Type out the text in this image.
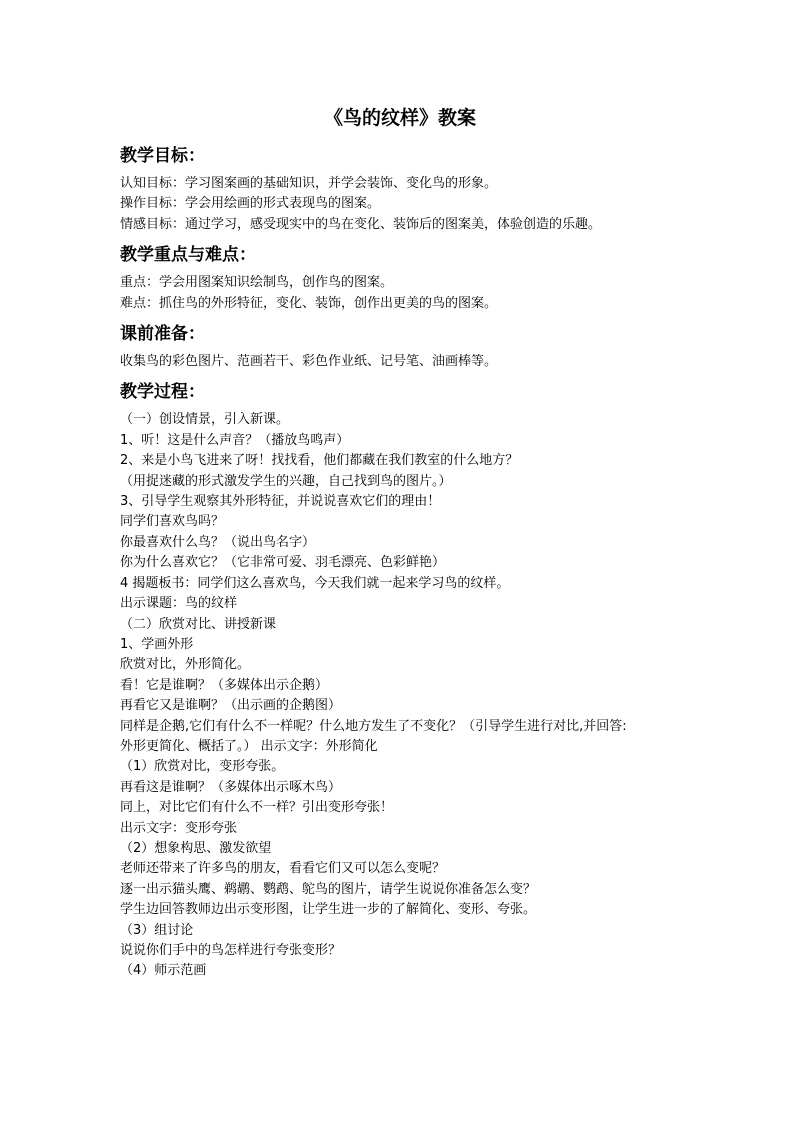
《鸟的纹样》教案
教学目标：
认知目标：学习图案画的基础知识，并学会装饰、变化鸟的形象。
操作目标：学会用绘画的形式表现鸟的图案。
情感目标：通过学习，感受现实中的鸟在变化、装饰后的图案美，体验创造的乐趣。
教学重点与难点：
重点：学会用图案知识绘制鸟，创作鸟的图案。
难点：抓住鸟的外形特征，变化、装饰，创作出更美的鸟的图案。
课前准备：
收集鸟的彩色图片、范画若干、彩色作业纸、记号笔、油画棒等。
教学过程：
（一）创设情景，引入新课。
1、听！这是什么声音？（播放鸟鸣声）
2、来是小鸟飞进来了呀！找找看，他们都藏在我们教室的什么地方？
（用捉迷藏的形式激发学生的兴趣，自己找到鸟的图片。）
3、引导学生观察其外形特征，并说说喜欢它们的理由！
同学们喜欢鸟吗？
你最喜欢什么鸟？（说出鸟名字）
你为什么喜欢它？（它非常可爱、羽毛漂亮、色彩鲜艳）
4 揭题板书：同学们这么喜欢鸟，今天我们就一起来学习鸟的纹样。
出示课题：鸟的纹样
（二）欣赏对比、讲授新课
1、学画外形
欣赏对比，外形简化。
看！它是谁啊？（多媒体出示企鹅）
再看它又是谁啊？（出示画的企鹅图）
同样是企鹅,它们有什么不一样呢？什么地方发生了不变化？（引导学生进行对比,并回答:
外形更简化、概括了。） 出示文字：外形简化
（1）欣赏对比，变形夸张。
再看这是谁啊？（多媒体出示啄木鸟）
同上，对比它们有什么不一样？引出变形夸张！
出示文字：变形夸张
（2）想象构思、激发欲望
老师还带来了许多鸟的朋友，看看它们又可以怎么变呢？
逐一出示猫头鹰、鹈鹕、鹦鹉、鸵鸟的图片，请学生说说你准备怎么变？
学生边回答教师边出示变形图，让学生进一步的了解简化、变形、夸张。
（3）组讨论
说说你们手中的鸟怎样进行夸张变形？
（4）师示范画
